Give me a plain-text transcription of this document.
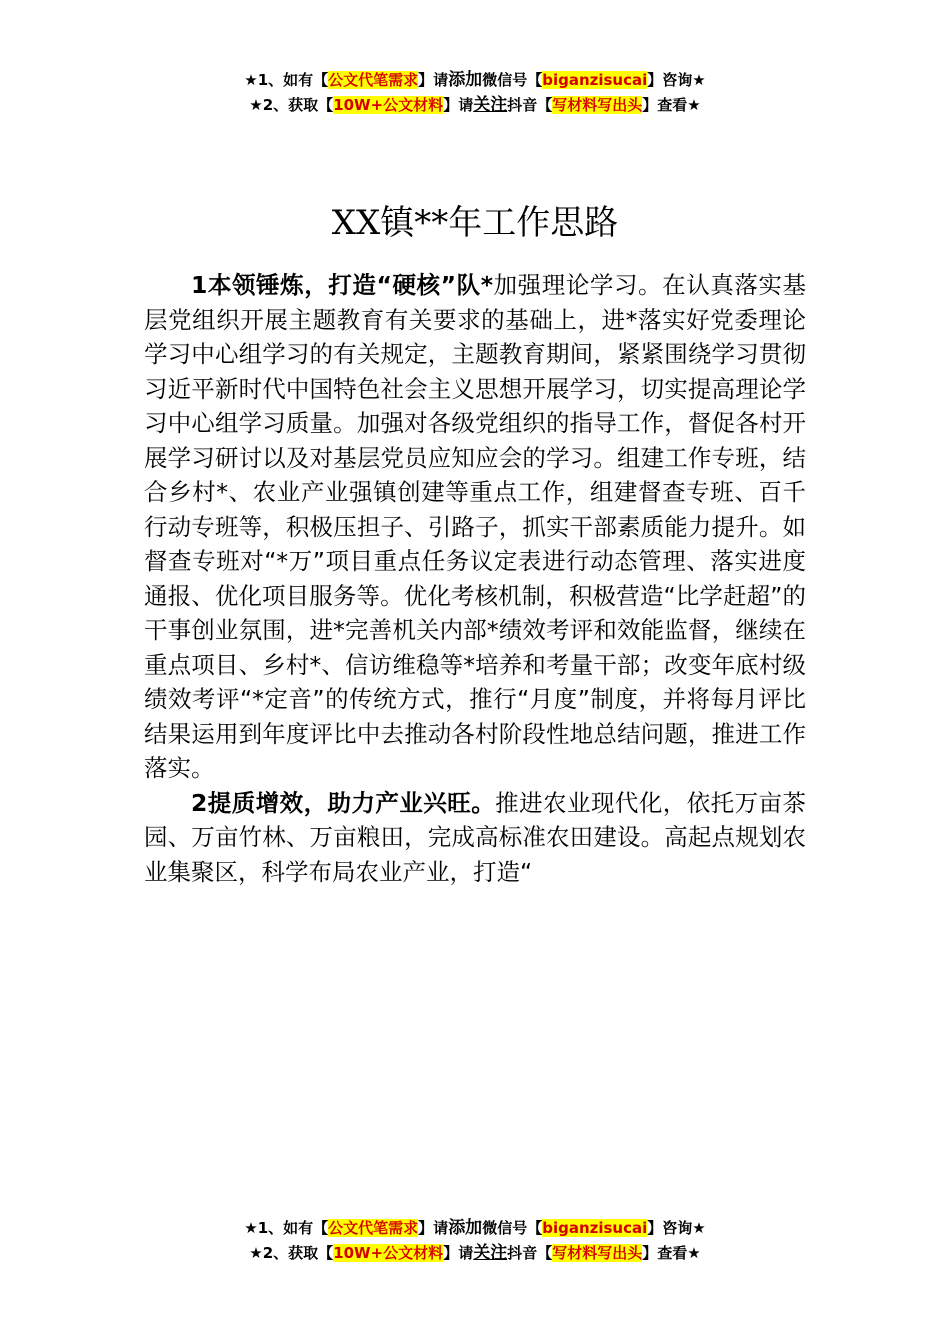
★1、如有【公文代笔需求】请添加微信号【biganzisucai】咨询★
★2、获取【10W+公文材料】请关注抖音【写材料写出头】查看★
XX镇**年工作思路

1本领锤炼，打造“硬核”队*加强理论学习。在认真落实基层党组织开展主题教育有关要求的基础上，进*落实好党委理论学习中心组学习的有关规定，主题教育期间，紧紧围绕学习贯彻习近平新时代中国特色社会主义思想开展学习，切实提高理论学习中心组学习质量。加强对各级党组织的指导工作，督促各村开展学习研讨以及对基层党员应知应会的学习。组建工作专班，结合乡村*、农业产业强镇创建等重点工作，组建督查专班、百千行动专班等，积极压担子、引路子，抓实干部素质能力提升。如督查专班对“*万”项目重点任务议定表进行动态管理、落实进度通报、优化项目服务等。优化考核机制，积极营造“比学赶超”的干事创业氛围，进*完善机关内部*绩效考评和效能监督，继续在重点项目、乡村*、信访维稳等*培养和考量干部；改变年底村级绩效考评“*定音”的传统方式，推行“月度”制度，并将每月评比结果运用到年度评比中去推动各村阶段性地总结问题，推进工作落实。

2提质增效，助力产业兴旺。推进农业现代化，依托万亩茶园、万亩竹林、万亩粮田，完成高标准农田建设。高起点规划农业集聚区，科学布局农业产业，打造“

★1、如有【公文代笔需求】请添加微信号【biganzisucai】咨询★
★2、获取【10W+公文材料】请关注抖音【写材料写出头】查看★
